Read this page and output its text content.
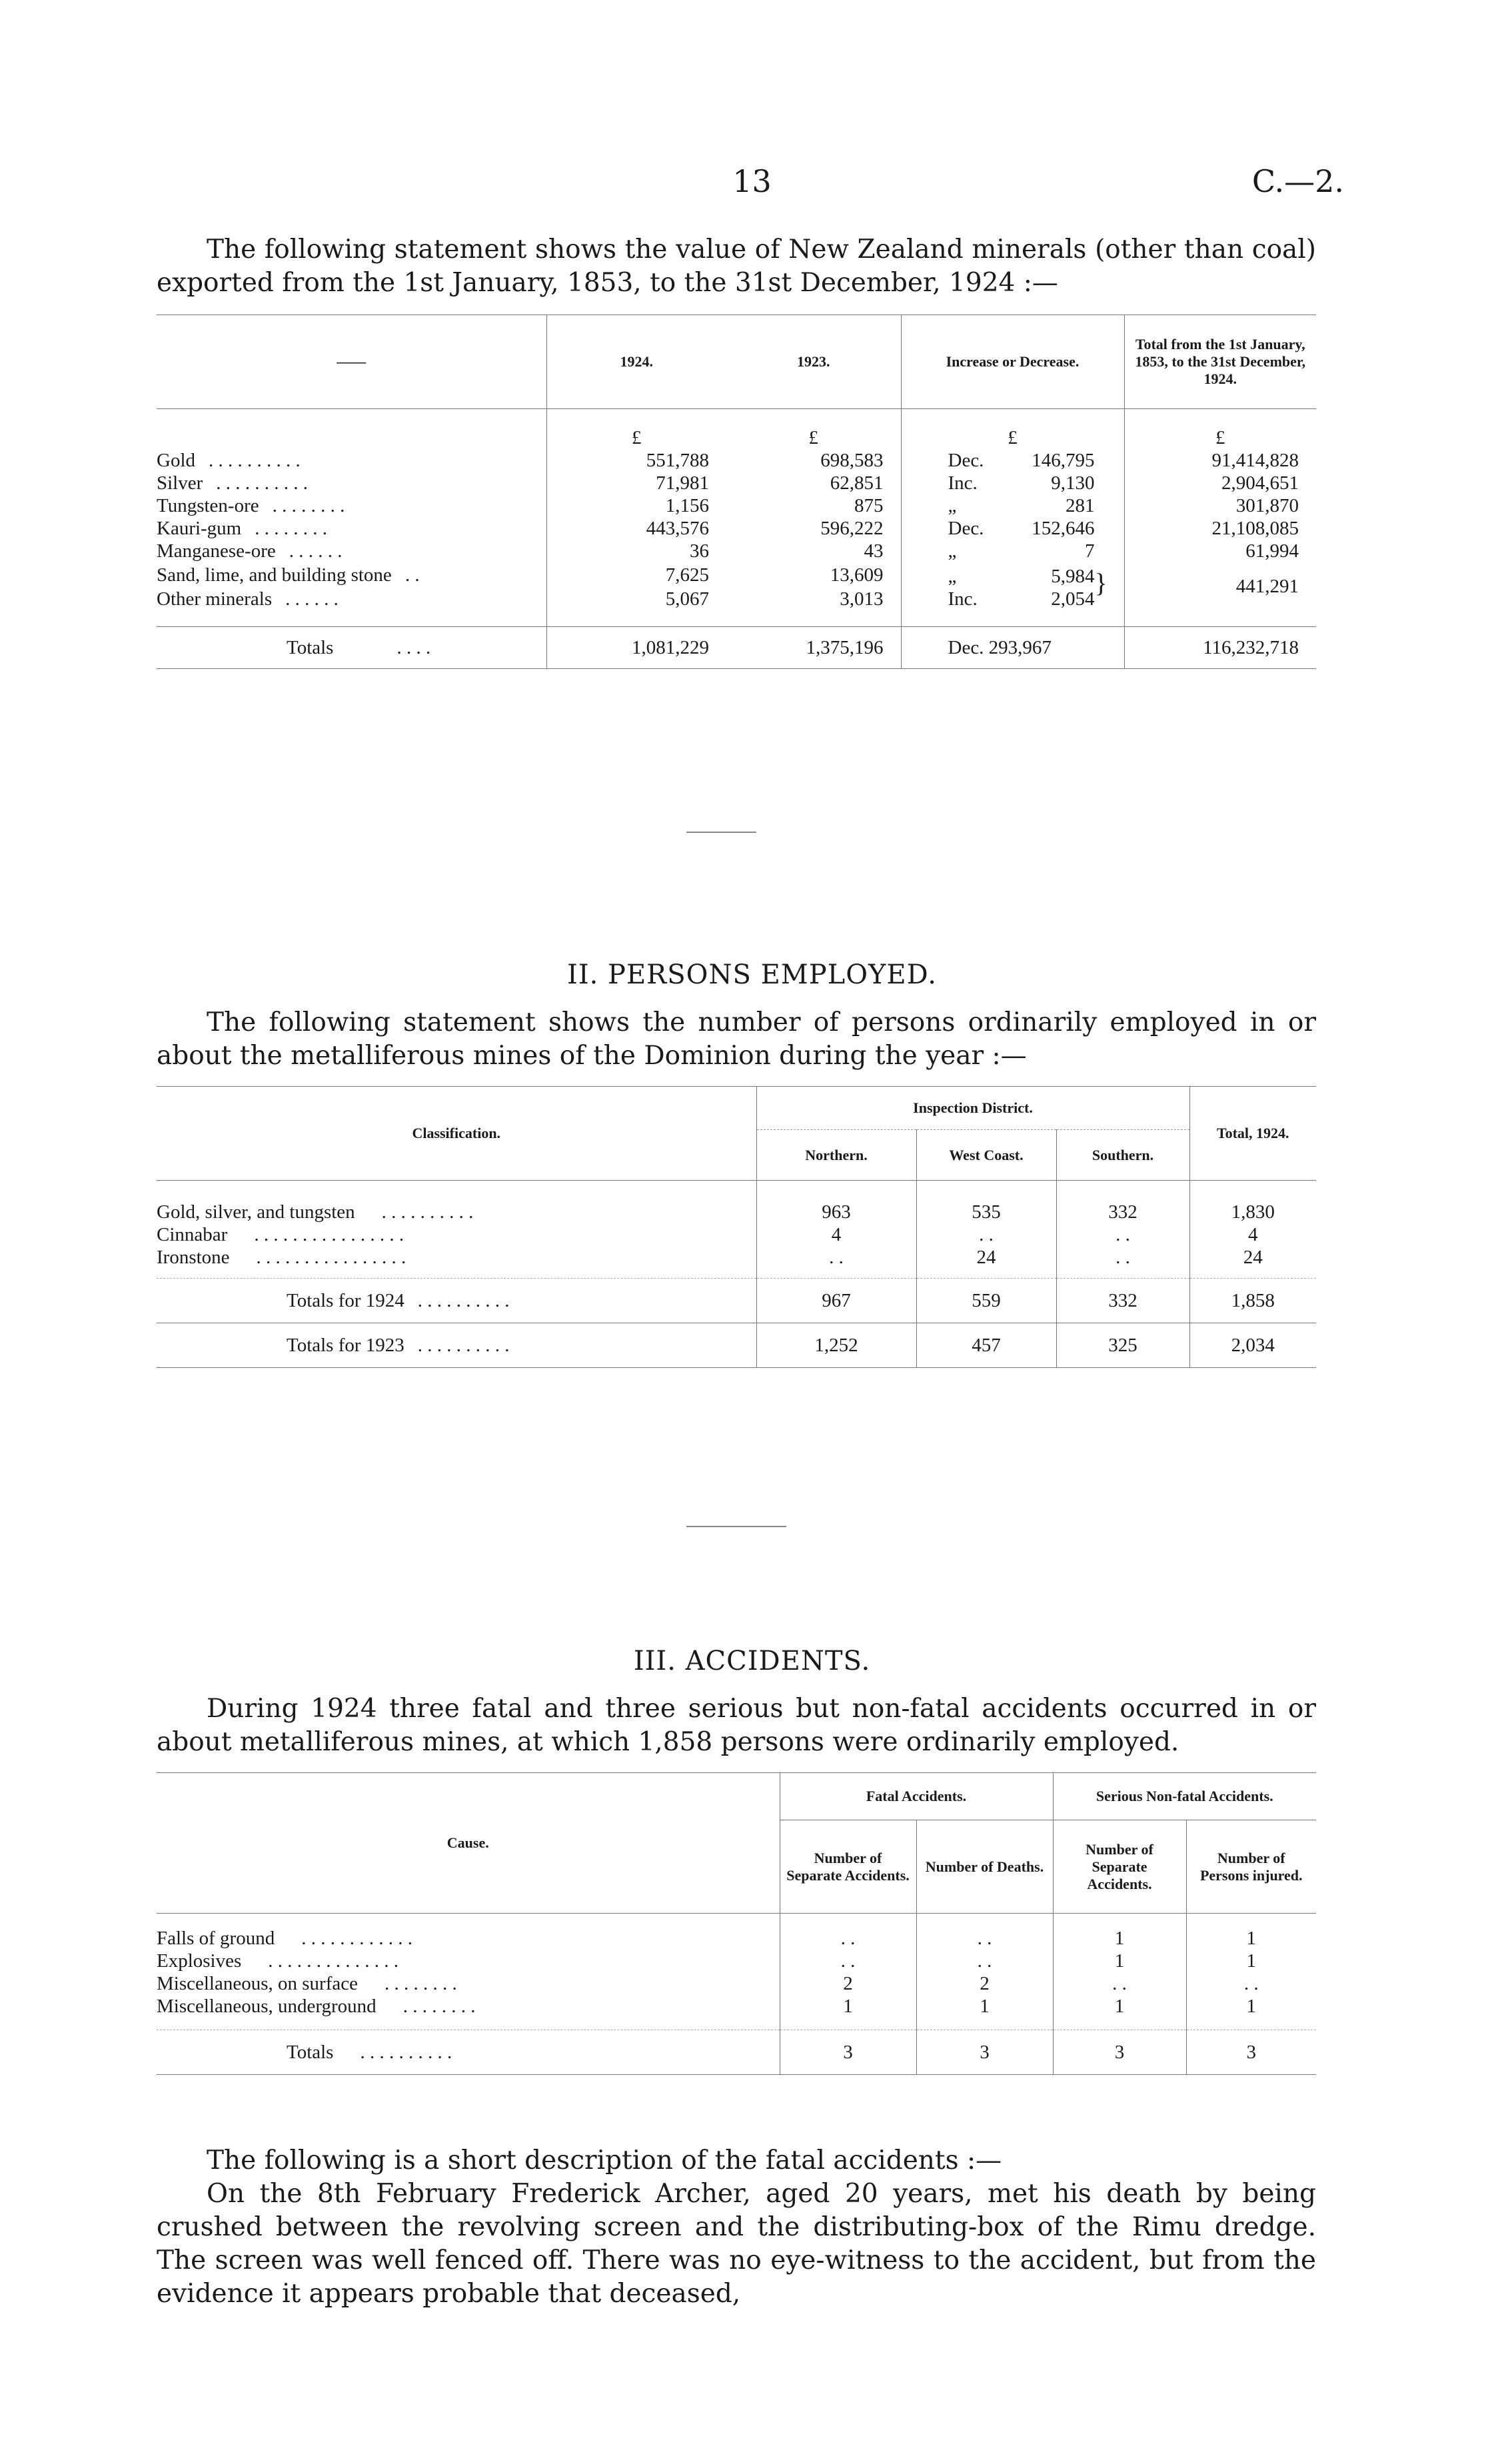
13	C.—2.

The following statement shows the value of New Zealand minerals (other than coal) exported from the 1st January, 1853, to the 31st December, 1924 :—

——	1924.	1923.	Increase or Decrease.	Total from the 1st January, 1853, to the 31st December, 1924.
	£	£	£	£
Gold . . . . . . . . . .	551,788	698,583	Dec. 146,795	91,414,828
Silver . . . . . . . . . .	71,981	62,851	Inc. 9,130	2,904,651
Tungsten-ore . . . . . . . .	1,156	875	„ 281	301,870
Kauri-gum . . . . . . . .	443,576	596,222	Dec. 152,646	21,108,085
Manganese-ore . . . . . .	36	43	„ 7	61,994
Sand, lime, and building stone . .	7,625	13,609	„ 5,984}	441,291
Other minerals . . . . . .	5,067	3,013	Inc. 2,054	

Totals . . . .	1,081,229	1,375,196	Dec. 293,967	116,232,718
II. PERSONS EMPLOYED.

The following statement shows the number of persons ordinarily employed in or about the metalliferous mines of the Dominion during the year :—

Classification.	Inspection District.			Total, 1924.
	Northern.	West Coast.	Southern.	

Gold, silver, and tungsten . . . . . . . . . .	963	535	332	1,830
Cinnabar . . . . . . . . . . . . . . . .	4	. .	. .	4
Ironstone . . . . . . . . . . . . . . . .	. .	24	. .	24

Totals for 1924 . . . . . . . . . .	967	559	332	1,858
Totals for 1923 . . . . . . . . . .	1,252	457	325	2,034
III. ACCIDENTS.

During 1924 three fatal and three serious but non-fatal accidents occurred in or about metalliferous mines, at which 1,858 persons were ordinarily employed.

Cause.	Fatal Accidents.		Serious Non-fatal Accidents.	
	Number of Separate Accidents.	Number of Deaths.	Number of Separate Accidents.	Number of Persons injured.

Falls of ground . . . . . . . . . . . .	. .	. .	1	1
Explosives . . . . . . . . . . . . . .	. .	. .	1	1
Miscellaneous, on surface . . . . . . . .	2	2	. .	. .
Miscellaneous, underground . . . . . . . .	1	1	1	1

Totals . . . . . . . . . .	3	3	3	3

The following is a short description of the fatal accidents :—

On the 8th February Frederick Archer, aged 20 years, met his death by being crushed between the revolving screen and the distributing-box of the Rimu dredge. The screen was well fenced off. There was no eye-witness to the accident, but from the evidence it appears probable that deceased,
